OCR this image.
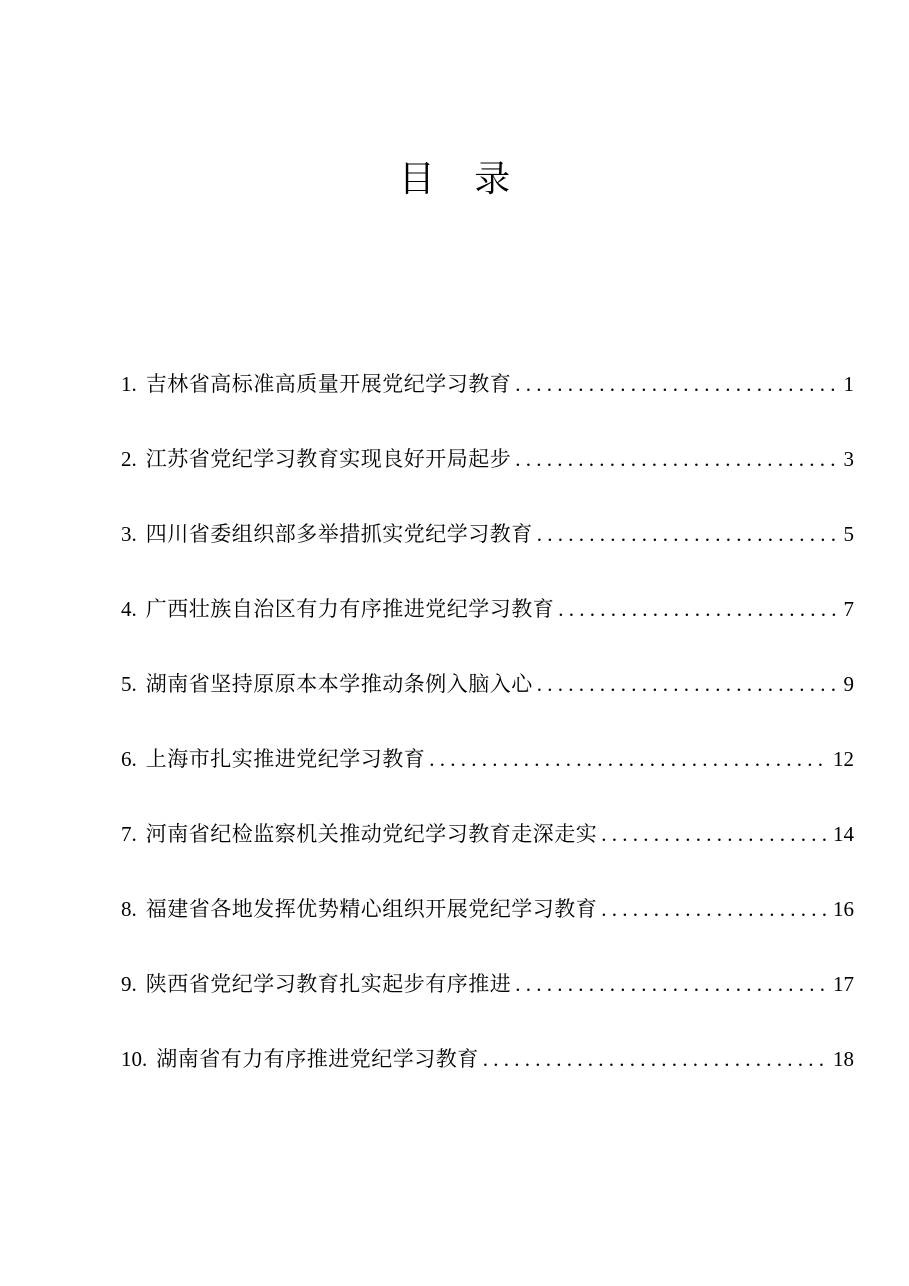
目 录
1. 吉林省高标准高质量开展党纪学习教育 . . .	1
2. 江苏省党纪学习教育实现良好开局起步 . . .	3
3. 四川省委组织部多举措抓实党纪学习教育 . . .	5
4. 广西壮族自治区有力有序推进党纪学习教育 . . .	7
5. 湖南省坚持原原本本学推动条例入脑入心 . . .	9
6. 上海市扎实推进党纪学习教育 . . .	12
7. 河南省纪检监察机关推动党纪学习教育走深走实 . . .	14
8. 福建省各地发挥优势精心组织开展党纪学习教育 . . .	16
9. 陕西省党纪学习教育扎实起步有序推进 . . .	17
10. 湖南省有力有序推进党纪学习教育 . . .	18
